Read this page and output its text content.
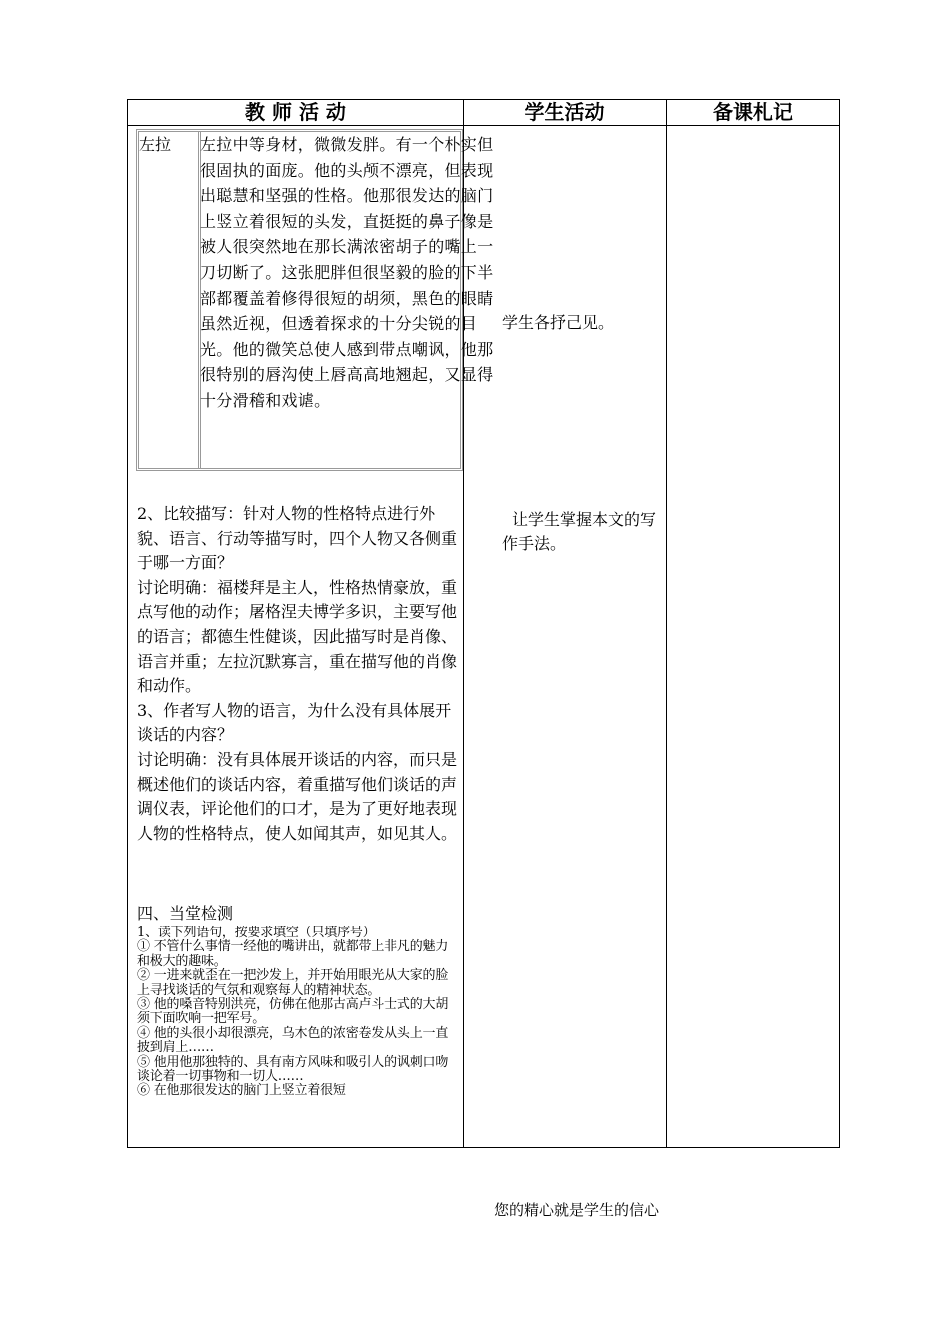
教 师 活 动	学生活动	备课札记
左拉 左拉中等身材，微微发胖。有一个朴实但很固执的面庞。他的头颅不漂亮，但表现出聪慧和坚强的性格。他那很发达的脑门上竖立着很短的头发，直挺挺的鼻子像是被人很突然地在那长满浓密胡子的嘴上一刀切断了。这张肥胖但很坚毅的脸的下半部都覆盖着修得很短的胡须，黑色的眼睛虽然近视，但透着探求的十分尖锐的目光。他的微笑总使人感到带点嘲讽，他那很特别的唇沟使上唇高高地翘起，又显得十分滑稽和戏谑。

2、比较描写：针对人物的性格特点进行外貌、语言、行动等描写时，四个人物又各侧重于哪一方面？

讨论明确：福楼拜是主人，性格热情豪放，重点写他的动作；屠格涅夫博学多识，主要写他的语言；都德生性健谈，因此描写时是肖像、语言并重；左拉沉默寡言，重在描写他的肖像和动作。

3、作者写人物的语言，为什么没有具体展开谈话的内容？

讨论明确：没有具体展开谈话的内容，而只是概述他们的谈话内容，着重描写他们谈话的声调仪表，评论他们的口才，是为了更好地表现人物的性格特点，使人如闻其声，如见其人。

四、当堂检测

1、读下列语句，按要求填空（只填序号）

① 不管什么事情一经他的嘴讲出，就都带上非凡的魅力和极大的趣味。

② 一进来就歪在一把沙发上，并开始用眼光从大家的脸上寻找谈话的气氛和观察每人的精神状态。

③ 他的嗓音特别洪亮，仿佛在他那古高卢斗士式的大胡须下面吹响一把军号。

④ 他的头很小却很漂亮，乌木色的浓密卷发从头上一直披到肩上……

⑤ 他用他那独特的、具有南方风味和吸引人的讽刺口吻谈论着一切事物和一切人……

⑥ 在他那很发达的脑门上竖立着很短

学生各抒己见。
让学生掌握本文的写作手法。
您的精心就是学生的信心
